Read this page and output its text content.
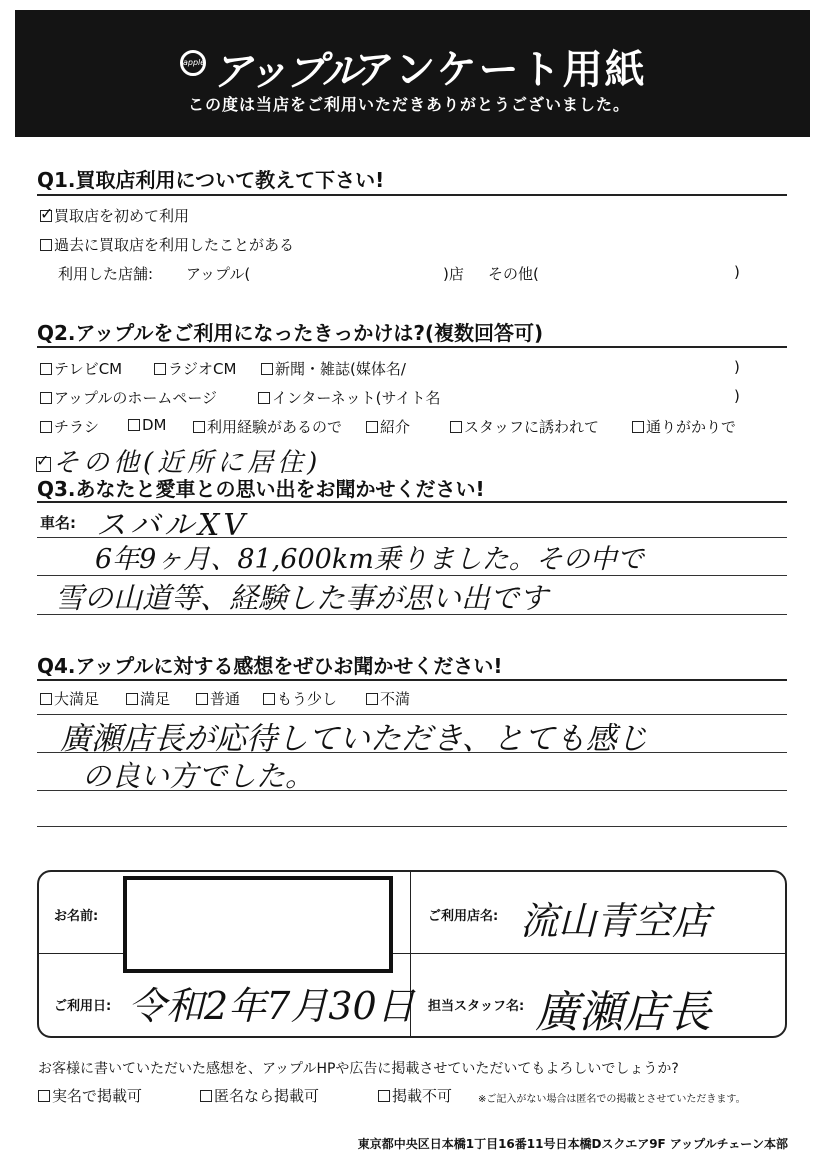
apple アップル
アンケート用紙
この度は当店をご利用いただきありがとうございました。
Q1.買取店利用について教えて下さい!
✓買取店を初めて利用
過去に買取店を利用したことがある
利用した店舗: アップル(	)店 その他(	)
Q2.アップルをご利用になったきっかけは?(複数回答可)
テレビCM	ラジオCM	新聞・雑誌(媒体名/	)
アップルのホームページ	インターネット(サイト名	)
チラシ	DM	利用経験があるので	紹介	スタッフに誘われて	通りがかりで
✓その他(近所に居住)
Q3.あなたと愛車との思い出をお聞かせください!
車名: スバルXV
6年9ヶ月、81,600km乗りました。その中で
雪の山道等、経験した事が思い出です
Q4.アップルに対する感想をぜひお聞かせください!
大満足	満足	普通	もう少し	不満
廣瀬店長が応待していただき、とても感じ
の良い方でした。
お名前:	ご利用店名: 流山青空店
ご利用日: 令和2年7月30日 担当スタッフ名: 廣瀬店長
お客様に書いていただいた感想を、アップルHPや広告に掲載させていただいてもよろしいでしょうか?
実名で掲載可	匿名なら掲載可	掲載不可	※ご記入がない場合は匿名での掲載とさせていただきます。
東京都中央区日本橋1丁目16番11号日本橋Dスクエア9F アップルチェーン本部
